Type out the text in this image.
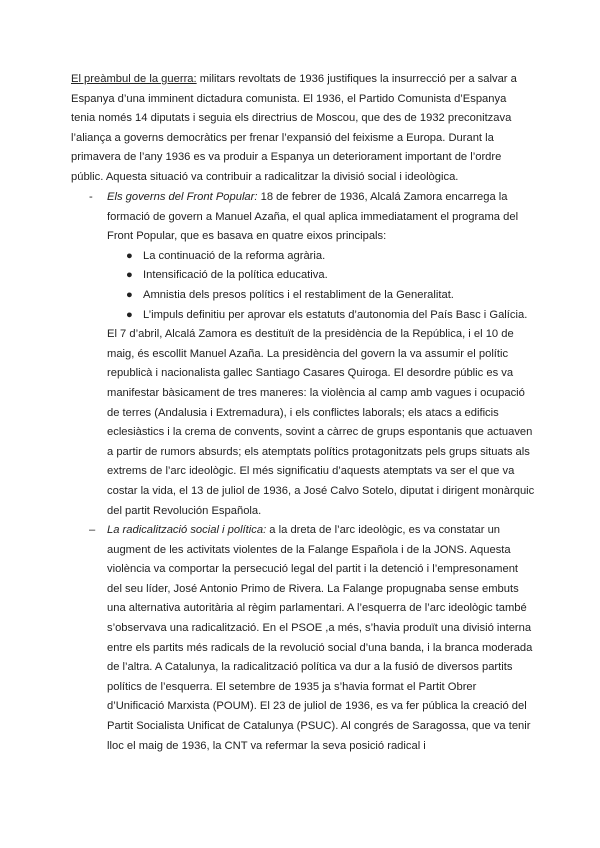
El preàmbul de la guerra: militars revoltats de 1936 justifiques la insurrecció per a salvar a Espanya d’una imminent dictadura comunista. El 1936, el Partido Comunista d’Espanya tenia només 14 diputats i seguia els directrius de Moscou, que des de 1932 preconitzava l’aliança a governs democràtics per frenar l’expansió del feixisme a Europa. Durant la primavera de l’any 1936 es va produir a Espanya un deteriorament important de l’ordre públic. Aquesta situació va contribuir a radicalitzar la divisió social i ideològica.

- Els governs del Front Popular: 18 de febrer de 1936, Alcalá Zamora encarrega la formació de govern a Manuel Azaña, el qual aplica immediatament el programa del Front Popular, que es basava en quatre eixos principals:
● La continuació de la reforma agrària.
● Intensificació de la política educativa.
● Amnistia dels presos polítics i el restabliment de la Generalitat.
● L’impuls definitiu per aprovar els estatuts d’autonomia del País Basc i Galícia.
El 7 d’abril, Alcalá Zamora es destituït de la presidència de la República, i el 10 de maig, és escollit Manuel Azaña. La presidència del govern la va assumir el polític republicà i nacionalista gallec Santiago Casares Quiroga. El desordre públic es va manifestar bàsicament de tres maneres: la violència al camp amb vagues i ocupació de terres (Andalusia i Extremadura), i els conflictes laborals; els atacs a edificis eclesiàstics i la crema de convents, sovint a càrrec de grups espontanis que actuaven a partir de rumors absurds; els atemptats polítics protagonitzats pels grups situats als extrems de l’arc ideològic. El més significatiu d’aquests atemptats va ser el que va costar la vida, el 13 de juliol de 1936, a José Calvo Sotelo, diputat i dirigent monàrquic del partit Revolución Española.
– La radicalització social i política: a la dreta de l’arc ideològic, es va constatar un augment de les activitats violentes de la Falange Española i de la JONS. Aquesta violència va comportar la persecució legal del partit i la detenció i l’empresonament del seu líder, José Antonio Primo de Rivera. La Falange propugnaba sense embuts una alternativa autoritària al règim parlamentari. A l’esquerra de l’arc ideològic també s’observava una radicalització. En el PSOE ,a més, s’havia produït una divisió interna entre els partits més radicals de la revolució social d’una banda, i la branca moderada de l’altra. A Catalunya, la radicalització política va dur a la fusió de diversos partits polítics de l’esquerra. El setembre de 1935 ja s’havia format el Partit Obrer d’Unificació Marxista (POUM). El 23 de juliol de 1936, es va fer pública la creació del Partit Socialista Unificat de Catalunya (PSUC). Al congrés de Saragossa, que va tenir lloc el maig de 1936, la CNT va refermar la seva posició radical i
